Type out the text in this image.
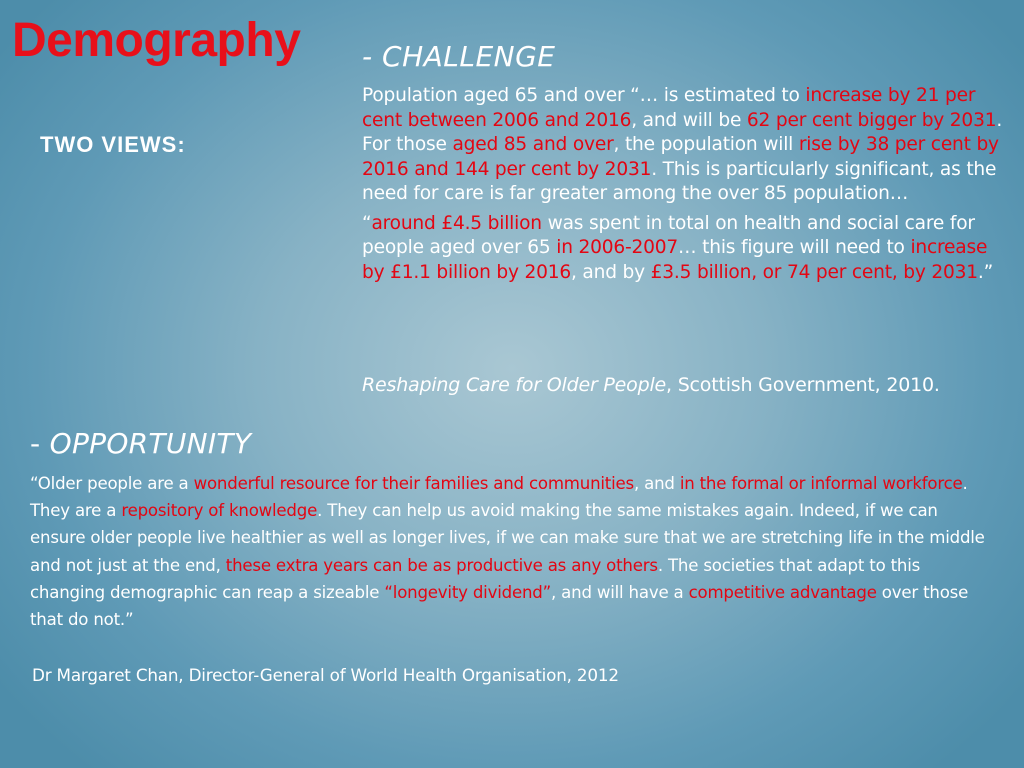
Demography
TWO VIEWS:
- CHALLENGE

Population aged 65 and over “… is estimated to increase by 21 per cent between 2006 and 2016, and will be 62 per cent bigger by 2031. For those aged 85 and over, the population will rise by 38 per cent by 2016 and 144 per cent by 2031. This is particularly significant, as the need for care is far greater among the over 85 population…

“around £4.5 billion was spent in total on health and social care for people aged over 65 in 2006-2007… this figure will need to increase by £1.1 billion by 2016, and by £3.5 billion, or 74 per cent, by 2031.”

Reshaping Care for Older People, Scottish Government, 2010.
- OPPORTUNITY

“Older people are a wonderful resource for their families and communities, and in the formal or informal workforce. They are a repository of knowledge. They can help us avoid making the same mistakes again. Indeed, if we can ensure older people live healthier as well as longer lives, if we can make sure that we are stretching life in the middle and not just at the end, these extra years can be as productive as any others. The societies that adapt to this changing demographic can reap a sizeable “longevity dividend”, and will have a competitive advantage over those that do not.”

Dr Margaret Chan, Director-General of World Health Organisation, 2012
